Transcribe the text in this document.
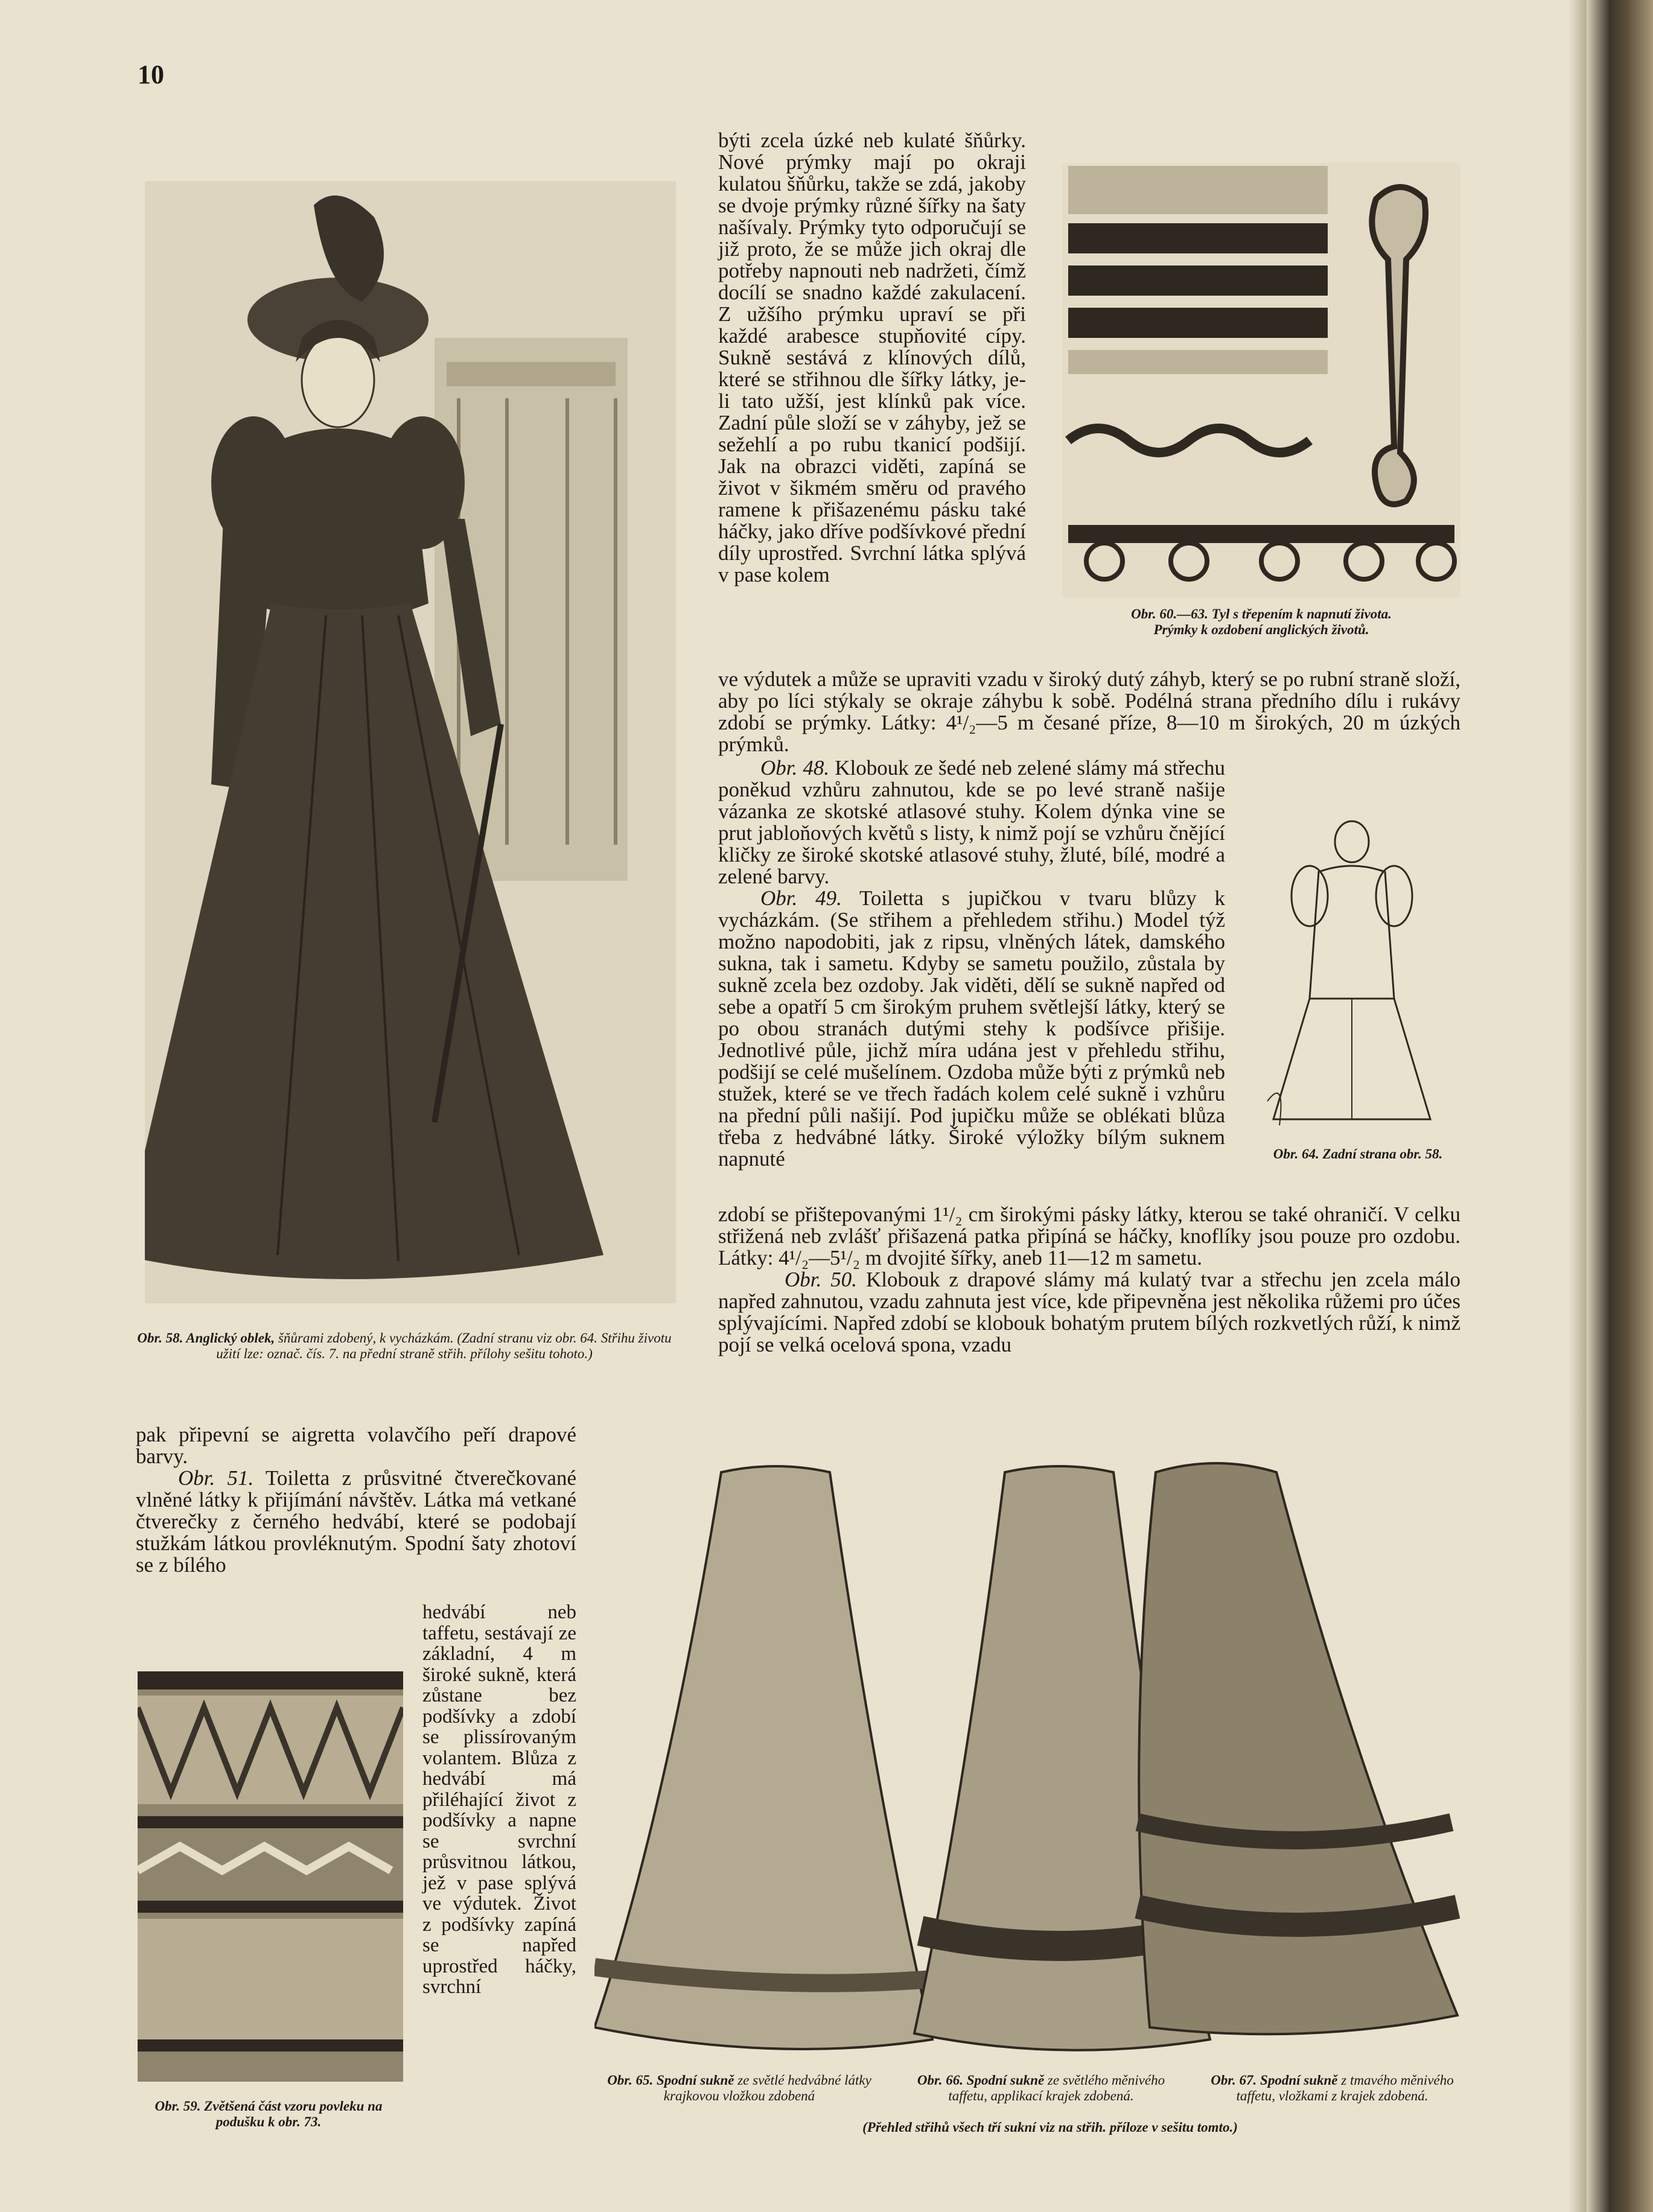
10
Obr. 58. Anglický oblek, šňůrami zdobený, k vycházkám. (Zadní stranu viz obr. 64. Střihu životu užití lze: označ. čís. 7. na přední straně střih. přílohy sešitu tohoto.)

býti zcela úzké neb kulaté šňůrky. Nové prýmky mají po okraji kulatou šňůrku, takže se zdá, jakoby se dvoje prýmky různé šířky na šaty našívaly. Prýmky tyto odporučují se již proto, že se může jich okraj dle potřeby napnouti neb nadržeti, čímž docílí se snadno každé zakulacení. Z užšího prýmku upraví se při každé arabesce stupňovité cípy. Sukně sestává z klínových dílů, které se střihnou dle šířky látky, je-li tato užší, jest klínků pak více. Zadní půle složí se v záhyby, jež se sežehlí a po rubu tkanicí podšijí. Jak na obrazci viděti, zapíná se život v šikmém směru od pravého ramene k přišazenému pásku také háčky, jako dříve podšívkové přední díly uprostřed. Svrchní látka splývá v pase kolem

Obr. 60.—63. Tyl s třepením k napnutí života.
Prýmky k ozdobení anglických životů.

ve výdutek a může se upraviti vzadu v široký dutý záhyb, který se po rubní straně složí, aby po líci stýkaly se okraje záhybu k sobě. Podélná strana předního dílu i rukávy zdobí se prýmky. Látky: 4¹/₂—5 m česané příze, 8—10 m širokých, 20 m úzkých prýmků.

Obr. 48. Klobouk ze šedé neb zelené slámy má střechu poněkud vzhůru zahnutou, kde se po levé straně našije vázanka ze skotské atlasové stuhy. Kolem dýnka vine se prut jabloňových květů s listy, k nimž pojí se vzhůru čnějící kličky ze široké skotské atlasové stuhy, žluté, bílé, modré a zelené barvy.

Obr. 49. Toiletta s jupičkou v tvaru blůzy k vycházkám. (Se střihem a přehledem střihu.) Model týž možno napodobiti, jak z ripsu, vlněných látek, damského sukna, tak i sametu. Kdyby se sametu použilo, zůstala by sukně zcela bez ozdoby. Jak viděti, dělí se sukně napřed od sebe a opatří 5 cm širokým pruhem světlejší látky, který se po obou stranách dutými stehy k podšívce přišije. Jednotlivé půle, jichž míra udána jest v přehledu střihu, podšijí se celé mušelínem. Ozdoba může býti z prýmků neb stužek, které se ve třech řadách kolem celé sukně i vzhůru na přední půli našijí. Pod jupičku může se oblékati blůza třeba z hedvábné látky. Široké výložky bílým suknem napnuté	Obr. 64. Zadní strana obr. 58.

zdobí se přištepovanými 1¹/₂ cm širokými pásky látky, kterou se také ohraničí. V celku střižená neb zvlášť přišazená patka připíná se háčky, knoflíky jsou pouze pro ozdobu. Látky: 4¹/₂—5¹/₂ m dvojité šířky, aneb 11—12 m sametu.

Obr. 50. Klobouk z drapové slámy má kulatý tvar a střechu jen zcela málo napřed zahnutou, vzadu zahnuta jest více, kde připevněna jest několika růžemi pro účes splývajícími. Napřed zdobí se klobouk bohatým prutem bílých rozkvetlých růží, k nimž pojí se velká ocelová spona, vzadu

pak připevní se aigretta volavčího peří drapové barvy.

Obr. 51. Toiletta z průsvitné čtverečkované vlněné látky k přijímání návštěv. Látka má vetkané čtverečky z černého hedvábí, které se podobají stužkám látkou provléknutým. Spodní šaty zhotoví se z bílého

hedvábí neb taffetu, sestávají ze základní, 4 m široké sukně, která zůstane bez podšívky a zdobí se plissírovaným volantem. Blůza z hedvábí má přiléhající život z podšívky a napne se svrchní průsvitnou látkou, jež v pase splývá ve výdutek. Život z podšívky zapíná se napřed uprostřed háčky, svrchní

Obr. 59. Zvětšená část vzoru povleku na podušku k obr. 73.
Obr. 65. Spodní sukně ze světlé hedvábné látky krajkovou vložkou zdobená
Obr. 66. Spodní sukně ze světlého měnivého taffetu, applikací krajek zdobená.
Obr. 67. Spodní sukně z tmavého měnivého taffetu, vložkami z krajek zdobená.
(Přehled střihů všech tří sukní viz na střih. příloze v sešitu tomto.)
